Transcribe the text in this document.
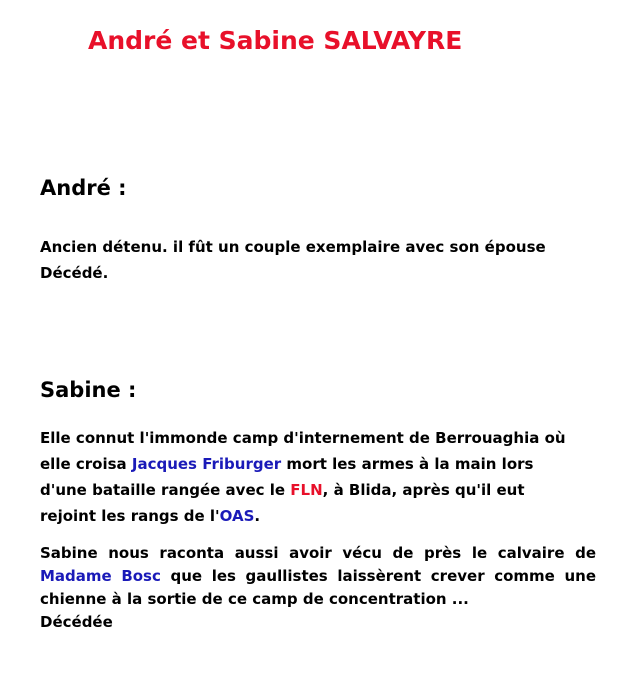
André et Sabine SALVAYRE
André :
Ancien détenu. il fût un couple exemplaire avec son épouse
Décédé.
Sabine :
Elle connut l'immonde camp d'internement de Berrouaghia où
elle croisa Jacques Friburger mort les armes à la main lors
d'une bataille rangée avec le FLN, à Blida, après qu'il eut
rejoint les rangs de l'OAS.
Sabine nous raconta aussi avoir vécu de près le calvaire de
Madame Bosc que les gaullistes laissèrent crever comme une
chienne à la sortie de ce camp de concentration ...
Décédée
